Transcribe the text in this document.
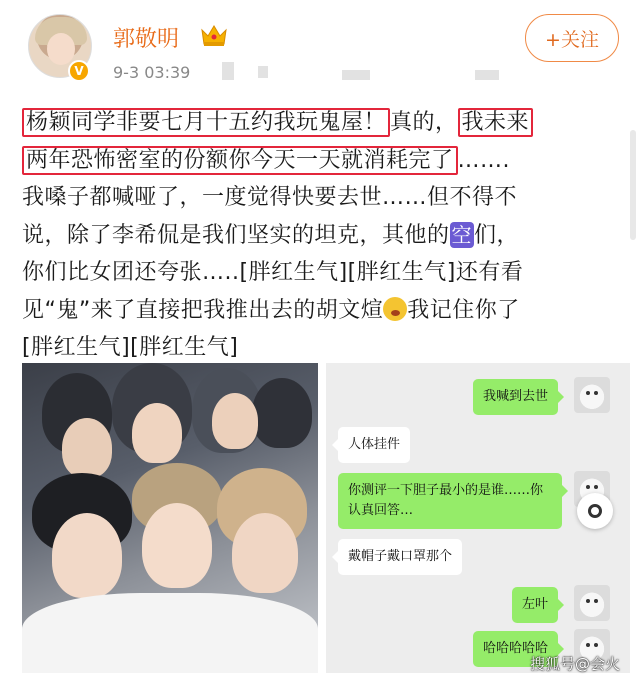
V
郭敬明
9-3 03:39
+关注
杨颖同学非要七月十五约我玩鬼屋！ 真的， 我未来
两年恐怖密室的份额你今天一天就消耗完了 …….
我嗓子都喊哑了，一度觉得快要去世……但不得不
说，除了李希侃是我们坚实的坦克，其他的 空们，
你们比女团还夸张…..[胖红生气][胖红生气]还有看
见“鬼”来了直接把我推出去的胡文煊 我记住你了
[胖红生气][胖红生气]
我喊到去世
人体挂件
你测评一下胆子最小的是谁……你认真回答…
戴帽子戴口罩那个
左叶
哈哈哈哈哈
搜狐号@会火
